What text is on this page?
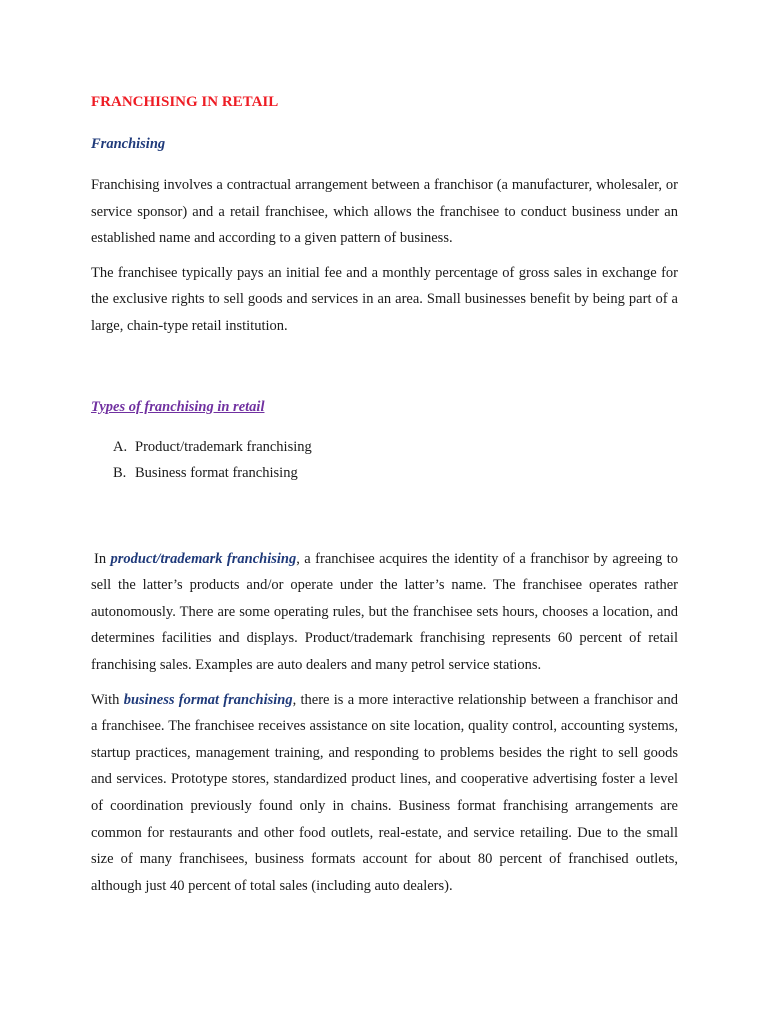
FRANCHISING IN RETAIL
Franchising

Franchising involves a contractual arrangement between a franchisor (a manufacturer, wholesaler, or service sponsor) and a retail franchisee, which allows the franchisee to conduct business under an established name and according to a given pattern of business.

The franchisee typically pays an initial fee and a monthly percentage of gross sales in exchange for the exclusive rights to sell goods and services in an area. Small businesses benefit by being part of a large, chain-type retail institution.

Types of franchising in retail
A. Product/trademark franchising
B. Business format franchising

In product/trademark franchising, a franchisee acquires the identity of a franchisor by agreeing to sell the latter’s products and/or operate under the latter’s name. The franchisee operates rather autonomously. There are some operating rules, but the franchisee sets hours, chooses a location, and determines facilities and displays. Product/trademark franchising represents 60 percent of retail franchising sales. Examples are auto dealers and many petrol service stations.

With business format franchising, there is a more interactive relationship between a franchisor and a franchisee. The franchisee receives assistance on site location, quality control, accounting systems, startup practices, management training, and responding to problems besides the right to sell goods and services. Prototype stores, standardized product lines, and cooperative advertising foster a level of coordination previously found only in chains. Business format franchising arrangements are common for restaurants and other food outlets, real-estate, and service retailing. Due to the small size of many franchisees, business formats account for about 80 percent of franchised outlets, although just 40 percent of total sales (including auto dealers).
